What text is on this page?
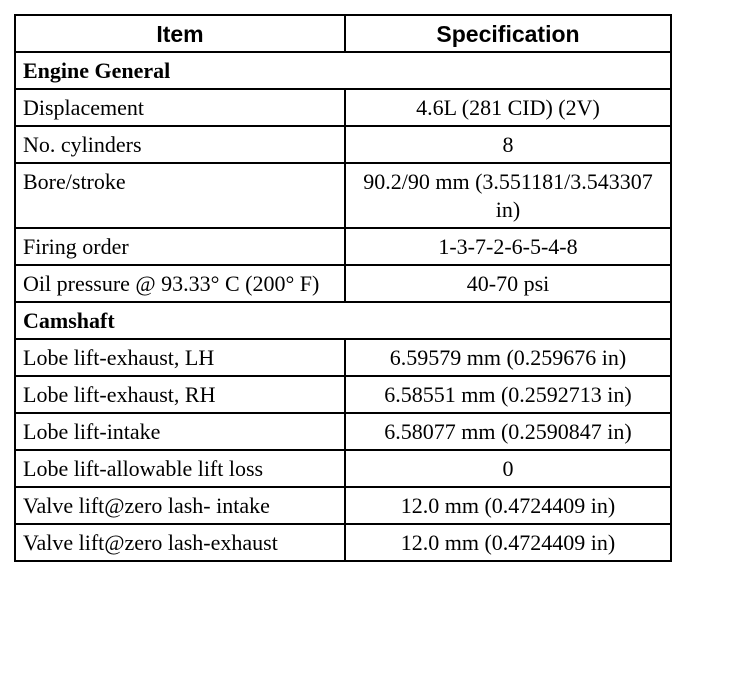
Item	Specification
Engine General	
Displacement	4.6L (281 CID) (2V)
No. cylinders	8
Bore/stroke	90.2/90 mm (3.551181/3.543307 in)
Firing order	1-3-7-2-6-5-4-8
Oil pressure @ 93.33° C (200° F)	40-70 psi
Camshaft	
Lobe lift-exhaust, LH	6.59579 mm (0.259676 in)
Lobe lift-exhaust, RH	6.58551 mm (0.2592713 in)
Lobe lift-intake	6.58077 mm (0.2590847 in)
Lobe lift-allowable lift loss	0
Valve lift@zero lash- intake	12.0 mm (0.4724409 in)
Valve lift@zero lash-exhaust	12.0 mm (0.4724409 in)
